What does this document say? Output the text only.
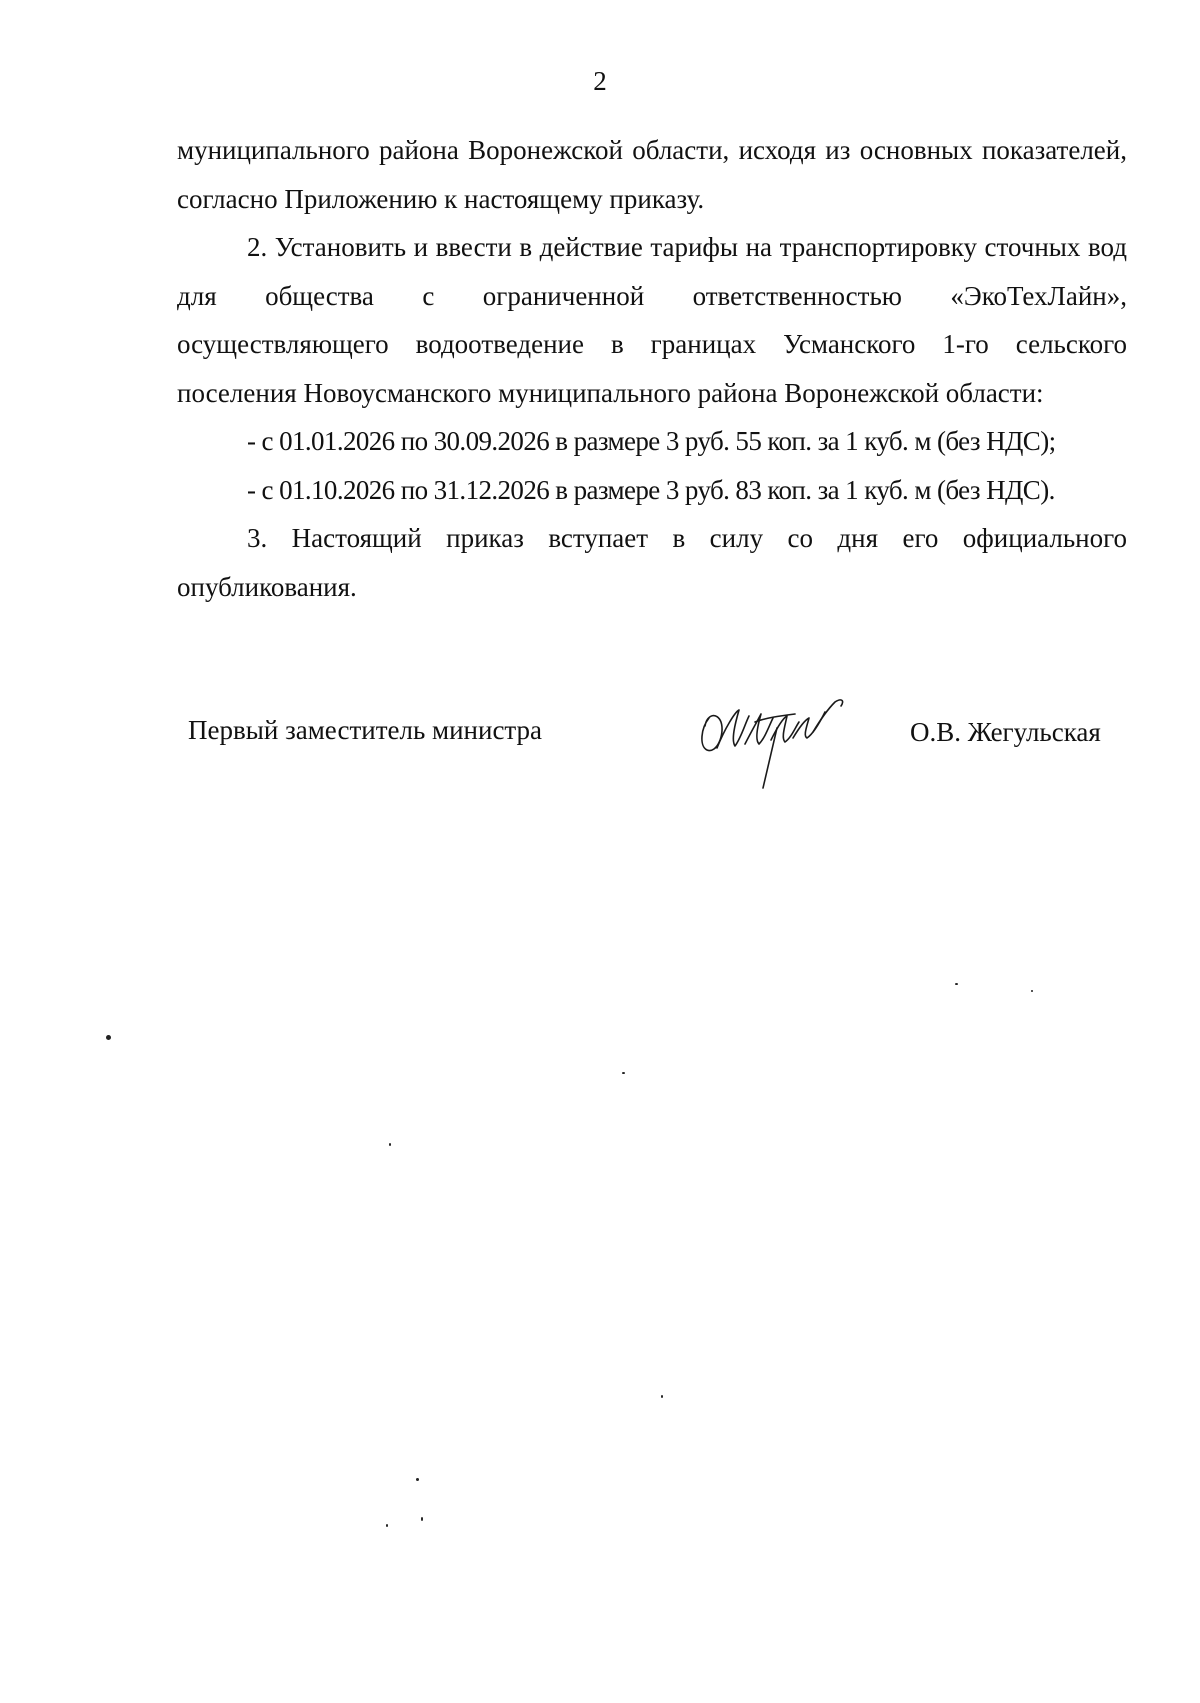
2

муниципального района Воронежской области, исходя из основных показателей, согласно Приложению к настоящему приказу.

2. Установить и ввести в действие тарифы на транспортировку сточных вод для общества с ограниченной ответственностью «ЭкоТехЛайн», осуществляющего водоотведение в границах Усманского 1-го сельского поселения Новоусманского муниципального района Воронежской области:

- с 01.01.2026 по 30.09.2026 в размере 3 руб. 55 коп. за 1 куб. м (без НДС);

- с 01.10.2026 по 31.12.2026 в размере 3 руб. 83 коп. за 1 куб. м (без НДС).

3. Настоящий приказ вступает в силу со дня его официального опубликования.

Первый заместитель министра	О.В. Жегульская
